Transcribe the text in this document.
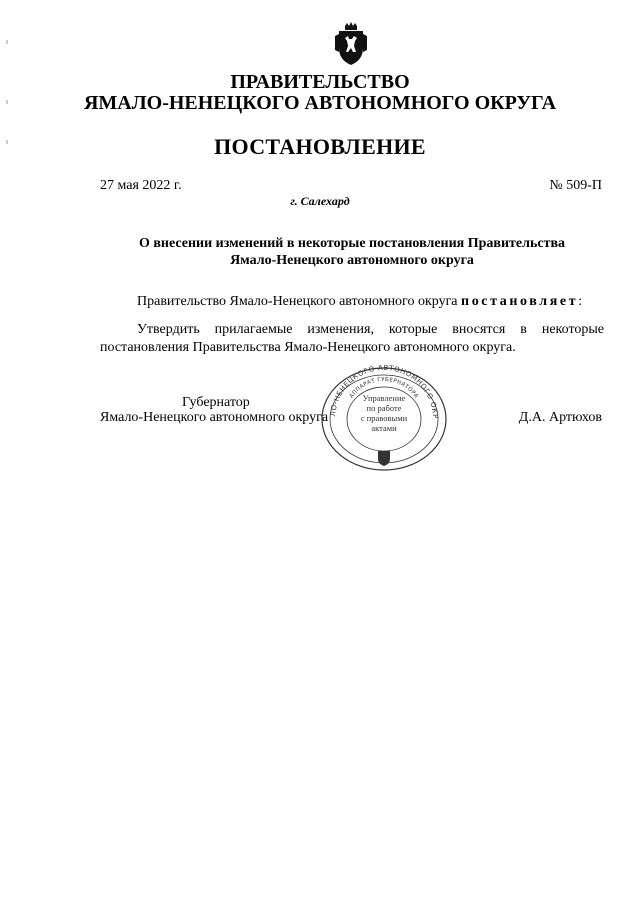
ПРАВИТЕЛЬСТВО
ЯМАЛО-НЕНЕЦКОГО АВТОНОМНОГО ОКРУГА
ПОСТАНОВЛЕНИЕ
27 мая 2022 г.	№ 509-П
г. Салехард
О внесении изменений в некоторые постановления Правительства
Ямало-Ненецкого автономного округа
Правительство Ямало-Ненецкого автономного округа постановляет:
Утвердить прилагаемые изменения, которые вносятся в некоторые постановления Правительства Ямало-Ненецкого автономного округа.
Губернатор
Ямало-Ненецкого автономного округа	Д.А. Артюхов
ЛО-НЕНЕЦКОГО АВТОНОМНОГО ОКР
АППАРАТ ГУБЕРНАТОРА
Управление
по работе
с правовыми
актами
2
